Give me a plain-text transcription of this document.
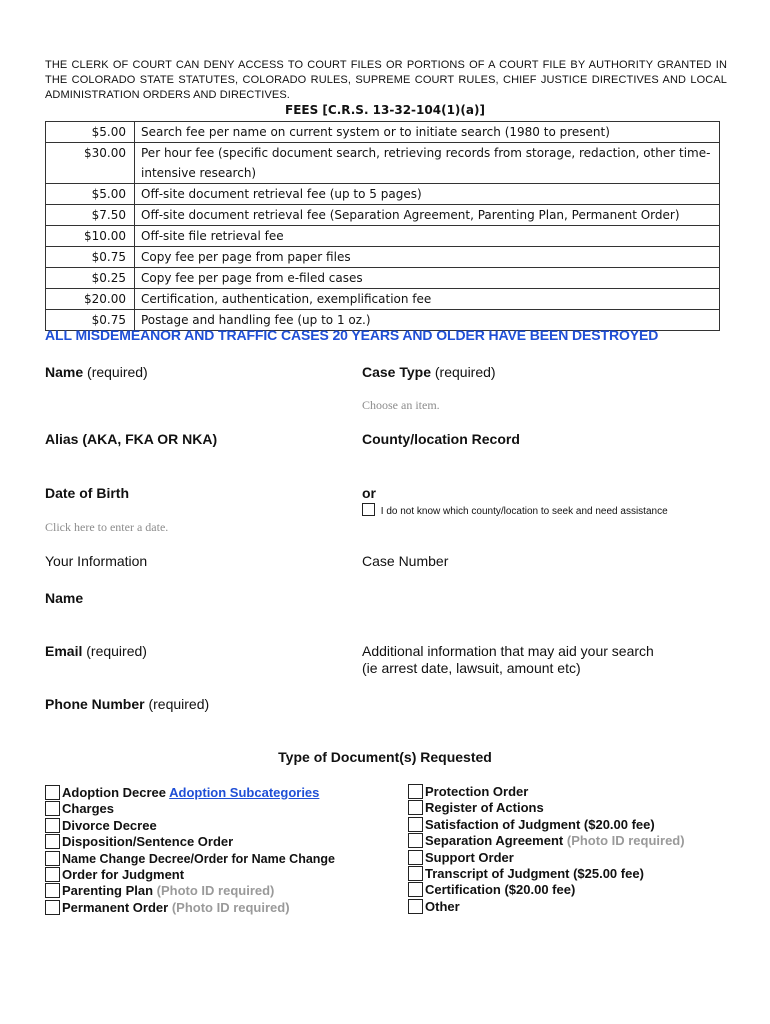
THE CLERK OF COURT CAN DENY ACCESS TO COURT FILES OR PORTIONS OF A COURT FILE BY AUTHORITY GRANTED IN THE COLORADO STATE STATUTES, COLORADO RULES, SUPREME COURT RULES, CHIEF JUSTICE DIRECTIVES AND LOCAL ADMINISTRATION ORDERS AND DIRECTIVES.
FEES [C.R.S. 13-32-104(1)(a)]
$5.00	Search fee per name on current system or to initiate search (1980 to present)
$30.00	Per hour fee (specific document search, retrieving records from storage, redaction, other time-intensive research)
$5.00	Off-site document retrieval fee (up to 5 pages)
$7.50	Off-site document retrieval fee (Separation Agreement, Parenting Plan, Permanent Order)
$10.00	Off-site file retrieval fee
$0.75	Copy fee per page from paper files
$0.25	Copy fee per page from e-filed cases
$20.00	Certification, authentication, exemplification fee
$0.75	Postage and handling fee (up to 1 oz.)
ALL MISDEMEANOR AND TRAFFIC CASES 20 YEARS AND OLDER HAVE BEEN DESTROYED
Name (required)
Alias (AKA, FKA OR NKA)
Date of Birth
Click here to enter a date.
Your Information
Name
Email (required)
Phone Number (required)
Case Type (required)
Choose an item.
County/location Record
or
I do not know which county/location to seek and need assistance
Case Number
Additional information that may aid your search
(ie arrest date, lawsuit, amount etc)
Type of Document(s) Requested
Adoption Decree Adoption Subcategories
Charges
Divorce Decree
Disposition/Sentence Order
Name Change Decree/Order for Name Change
Order for Judgment
Parenting Plan (Photo ID required)
Permanent Order (Photo ID required)
Protection Order
Register of Actions
Satisfaction of Judgment ($20.00 fee)
Separation Agreement (Photo ID required)
Support Order
Transcript of Judgment ($25.00 fee)
Certification ($20.00 fee)
Other
